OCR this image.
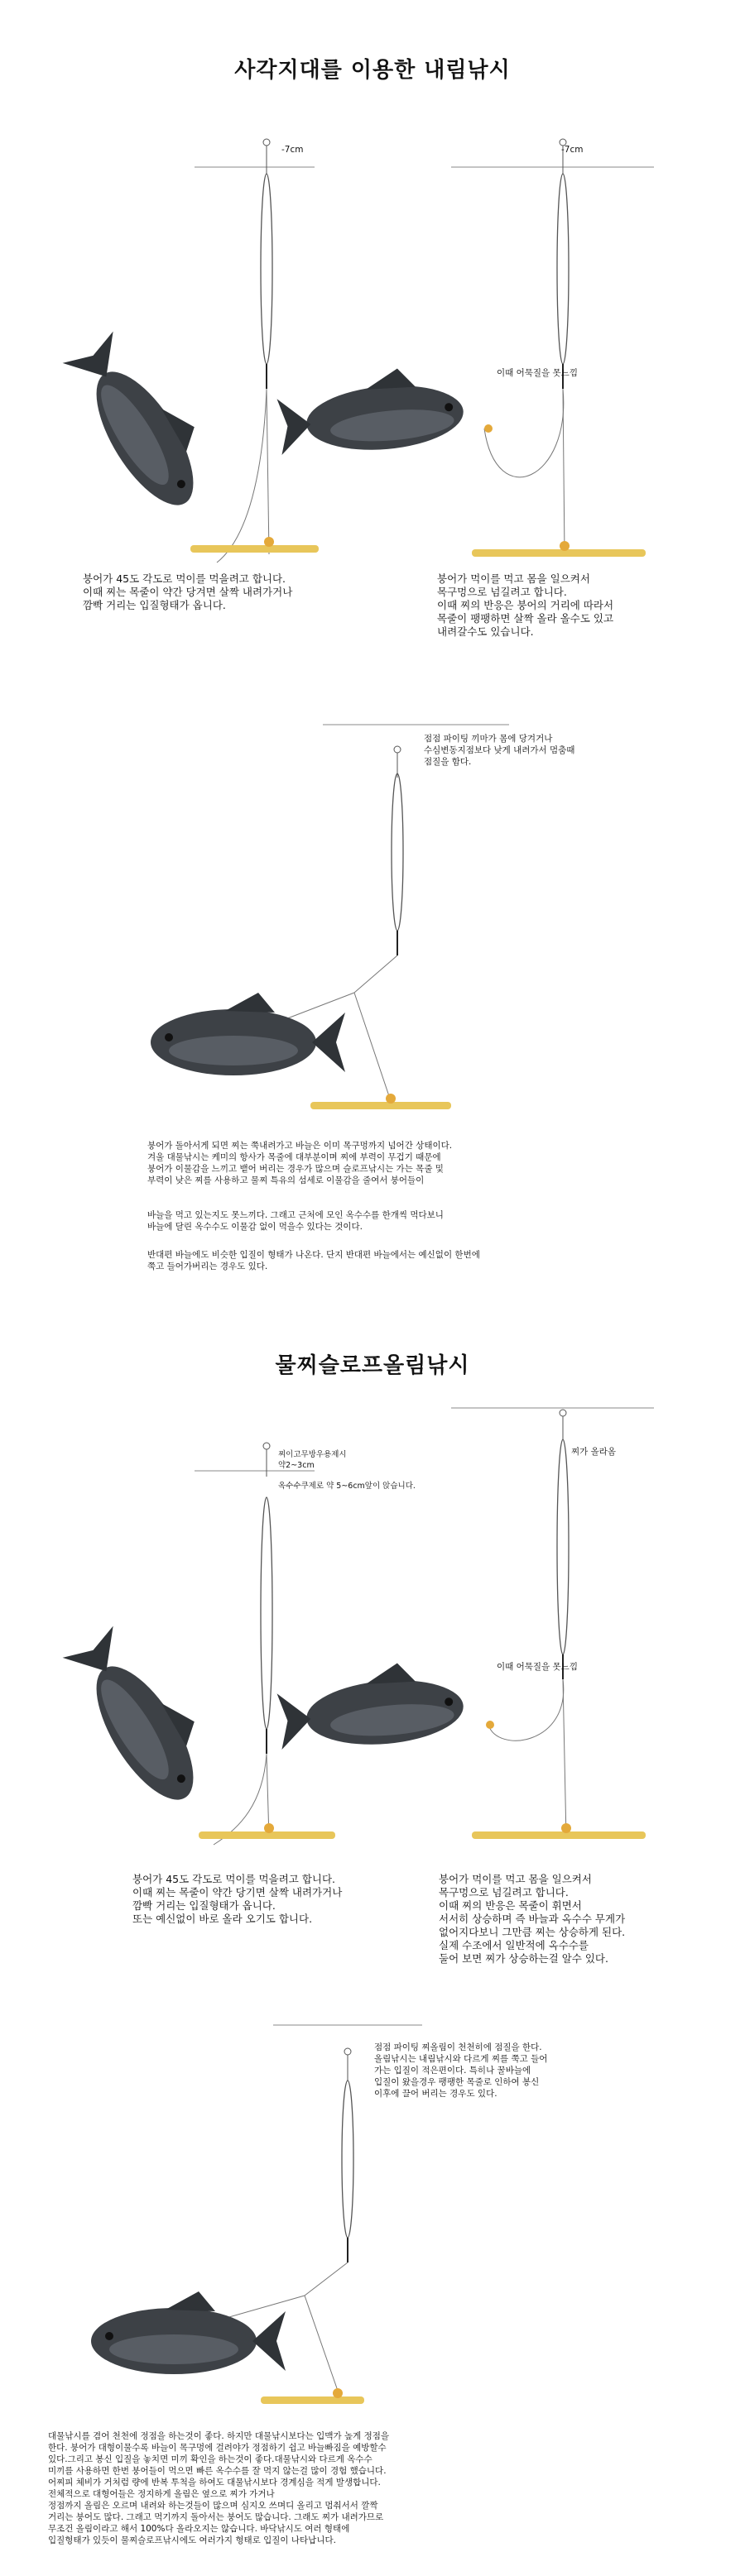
사각지대를 이용한 내림낚시
-7cm	-7cm
이때 어묵질을 못느낌
붕어가 45도 각도로 먹이를 먹을려고 합니다.
이때 찌는 목줄이 약간 당겨면 살짝 내려가거나
깜빡 거리는 입질형태가 옵니다.
붕어가 먹이를 먹고 몸을 일으켜서
목구멍으로 넘길려고 합니다.
이때 찌의 반응은 붕어의 거리에 따라서
목줄이 팽팽하면 살짝 올라 올수도 있고
내려갈수도 있습니다.
점점 파이팅 끼마가 몸에 당겨거나
수심변동지점보다 낮게 내려가서 멈춤때
점질을 함다.
붕어가 돌아서게 되면 찌는 쭉내려가고 바늘은 이미 목구멍까지 넘어간 상태이다.
겨울 대물낚시는 케미의 항사가 목줄에 대부분이며 찌에 부력이 무겁기 때문에
붕어가 이물감을 느끼고 뱉어 버리는 경우가 많으며 슬로프낚시는 가는 목줄 및
부력이 낮은 찌를 사용하고 물찌 특유의 섬세로 이물감을 줄여서 붕어들이
바늘을 먹고 있는지도 못느끼다. 그래고 근처에 모인 옥수수를 한개씩 먹다보니
바늘에 달린 옥수수도 이물감 없이 먹을수 있다는 것이다.
반대편 바늘에도 비슷한 입질이 형태가 나온다. 단지 반대편 바늘에서는 예신없이 한번에
쭉고 들어가버리는 경우도 있다.
물찌슬로프올림낚시
찌이고무방우용제시
약2~3cm
옥수수쿠제로 약 5~6cm앞이 앉습니다.
찌가 올라옴
이때 어묵질을 못느낌
붕어가 45도 각도로 먹이를 먹을려고 합니다.
이때 찌는 목줄이 약간 당기면 살짝 내려가거나
깜빡 거리는 입질형태가 옵니다.
또는 예신없이 바로 올라 오기도 합니다.
붕어가 먹이를 먹고 몸을 일으켜서
목구멍으로 넘길려고 합니다.
이때 찌의 반응은 목줄이 휘면서
서서히 상승하며 즉 바늘과 옥수수 무게가
없어지다보니 그만큼 찌는 상승하게 된다.
실제 수조에서 일반적에 옥수수를
둘어 보면 찌가 상승하는걸 알수 있다.
점점 파이팅 찌올림이 천천히에 점질을 한다.
올림낚시는 내림낚시와 다르게 찌를 쭉고 들어
가는 입질이 적은편이다. 특히나 꿀바늘에
입질이 왔을경우 팽팽한 목줄로 인하여 봉신
이후에 끌어 버리는 경우도 있다.
대물낚시를 겸어 천천에 정점을 하는것이 좋다. 하지만 대물낚시보다는 입맥가 높게 정점을
한다. 붕어가 대형이물수록 바늘이 목구멍에 걸려야가 정점하기 쉽고 바늘빠짐을 예방할수
있다.그리고 봉신 입질을 놓치면 미끼 확인을 하는것이 좋다.대물낚시와 다르게 옥수수
미끼를 사용하면 한번 붕어들이 먹으면 빠른 옥수수를 잘 먹지 않는걸 많이 경험 했습니다.
어찌피 체비가 거처럼 량에 반복 투척을 하여도 대물낚시보다 경계심을 적게 발생합니다.
전체적으로 대형어들은 정지하게 올림은 옆으로 찌가 가거나
정점까지 올림은 오르며 내려와 하는것들이 많으며 심지오 쓰며디 올리고 멈춰서서 깔짝
거리는 붕어도 많다. 그래고 먹기까지 돌아서는 붕어도 많습니다. 그래도 찌가 내려가므로
무조건 올림이라고 해서 100%다 올라오지는 않습니다. 바닥낚시도 여러 형태에
입질형태가 있듯이 물찌슬로프낚시에도 여러가지 형태로 입질이 나타납니다.
